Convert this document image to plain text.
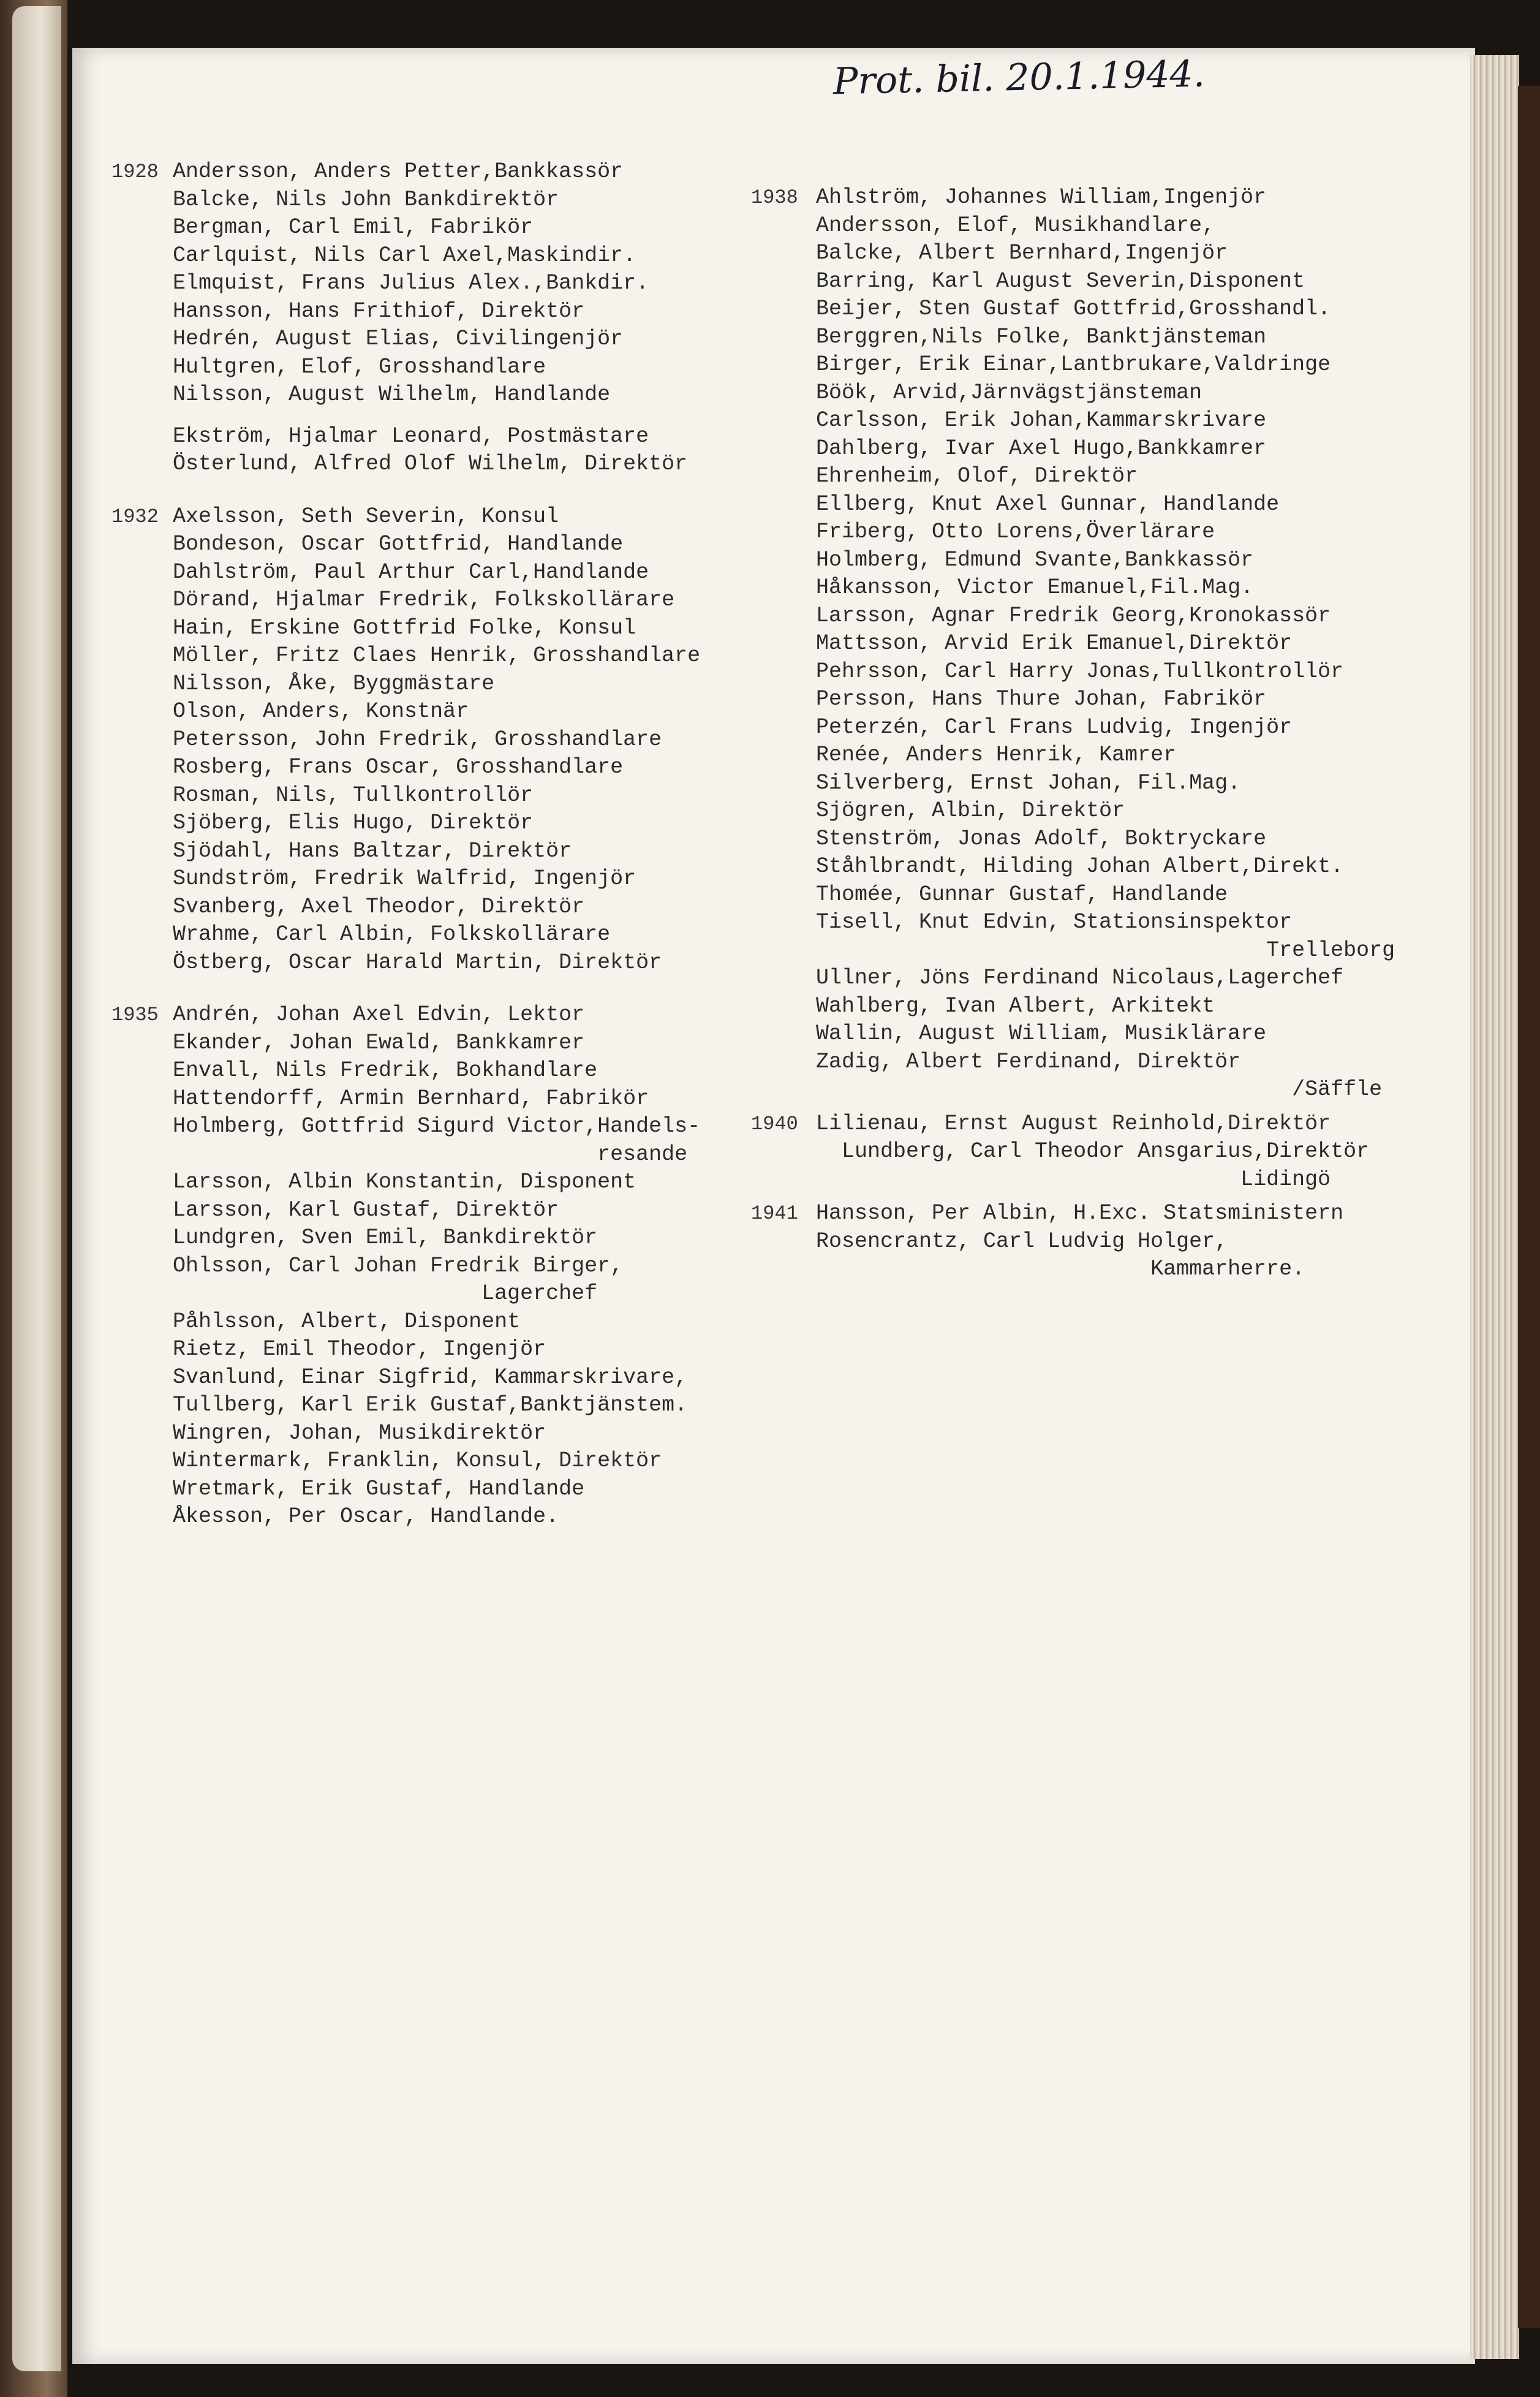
Prot. bil. 20.1.1944.
1928 Andersson, Anders Petter,Bankkassör
Balcke, Nils John Bankdirektör
Bergman, Carl Emil, Fabrikör
Carlquist, Nils Carl Axel,Maskindir.
Elmquist, Frans Julius Alex.,Bankdir.
Hansson, Hans Frithiof, Direktör
Hedrén, August Elias, Civilingenjör
Hultgren, Elof, Grosshandlare
Nilsson, August Wilhelm, Handlande
Ekström, Hjalmar Leonard, Postmästare
Österlund, Alfred Olof Wilhelm, Direktör
1932 Axelsson, Seth Severin, Konsul
Bondeson, Oscar Gottfrid, Handlande
Dahlström, Paul Arthur Carl,Handlande
Dörand, Hjalmar Fredrik, Folkskollärare
Hain, Erskine Gottfrid Folke, Konsul
Möller, Fritz Claes Henrik, Grosshandlare
Nilsson, Åke, Byggmästare
Olson, Anders, Konstnär
Petersson, John Fredrik, Grosshandlare
Rosberg, Frans Oscar, Grosshandlare
Rosman, Nils, Tullkontrollör
Sjöberg, Elis Hugo, Direktör
Sjödahl, Hans Baltzar, Direktör
Sundström, Fredrik Walfrid, Ingenjör
Svanberg, Axel Theodor, Direktör
Wrahme, Carl Albin, Folkskollärare
Östberg, Oscar Harald Martin, Direktör
1935 Andrén, Johan Axel Edvin, Lektor
Ekander, Johan Ewald, Bankkamrer
Envall, Nils Fredrik, Bokhandlare
Hattendorff, Armin Bernhard, Fabrikör
Holmberg, Gottfrid Sigurd Victor,Handels-
resande
Larsson, Albin Konstantin, Disponent
Larsson, Karl Gustaf, Direktör
Lundgren, Sven Emil, Bankdirektör
Ohlsson, Carl Johan Fredrik Birger,
Lagerchef
Påhlsson, Albert, Disponent
Rietz, Emil Theodor, Ingenjör
Svanlund, Einar Sigfrid, Kammarskrivare,
Tullberg, Karl Erik Gustaf,Banktjänstem.
Wingren, Johan, Musikdirektör
Wintermark, Franklin, Konsul, Direktör
Wretmark, Erik Gustaf, Handlande
Åkesson, Per Oscar, Handlande.
1938 Ahlström, Johannes William,Ingenjör
Andersson, Elof, Musikhandlare,
Balcke, Albert Bernhard,Ingenjör
Barring, Karl August Severin,Disponent
Beijer, Sten Gustaf Gottfrid,Grosshandl.
Berggren,Nils Folke, Banktjänsteman
Birger, Erik Einar,Lantbrukare,Valdringe
Böök, Arvid,Järnvägstjänsteman
Carlsson, Erik Johan,Kammarskrivare
Dahlberg, Ivar Axel Hugo,Bankkamrer
Ehrenheim, Olof, Direktör
Ellberg, Knut Axel Gunnar, Handlande
Friberg, Otto Lorens,Överlärare
Holmberg, Edmund Svante,Bankkassör
Håkansson, Victor Emanuel,Fil.Mag.
Larsson, Agnar Fredrik Georg,Kronokassör
Mattsson, Arvid Erik Emanuel,Direktör
Pehrsson, Carl Harry Jonas,Tullkontrollör
Persson, Hans Thure Johan, Fabrikör
Peterzén, Carl Frans Ludvig, Ingenjör
Renée, Anders Henrik, Kamrer
Silverberg, Ernst Johan, Fil.Mag.
Sjögren, Albin, Direktör
Stenström, Jonas Adolf, Boktryckare
Ståhlbrandt, Hilding Johan Albert,Direkt.
Thomée, Gunnar Gustaf, Handlande
Tisell, Knut Edvin, Stationsinspektor
Trelleborg
Ullner, Jöns Ferdinand Nicolaus,Lagerchef
Wahlberg, Ivan Albert, Arkitekt
Wallin, August William, Musiklärare
Zadig, Albert Ferdinand, Direktör
/Säffle
1940 Lilienau, Ernst August Reinhold,Direktör
Lundberg, Carl Theodor Ansgarius,Direktör
Lidingö
1941 Hansson, Per Albin, H.Exc. Statsministern
Rosencrantz, Carl Ludvig Holger,
Kammarherre.
